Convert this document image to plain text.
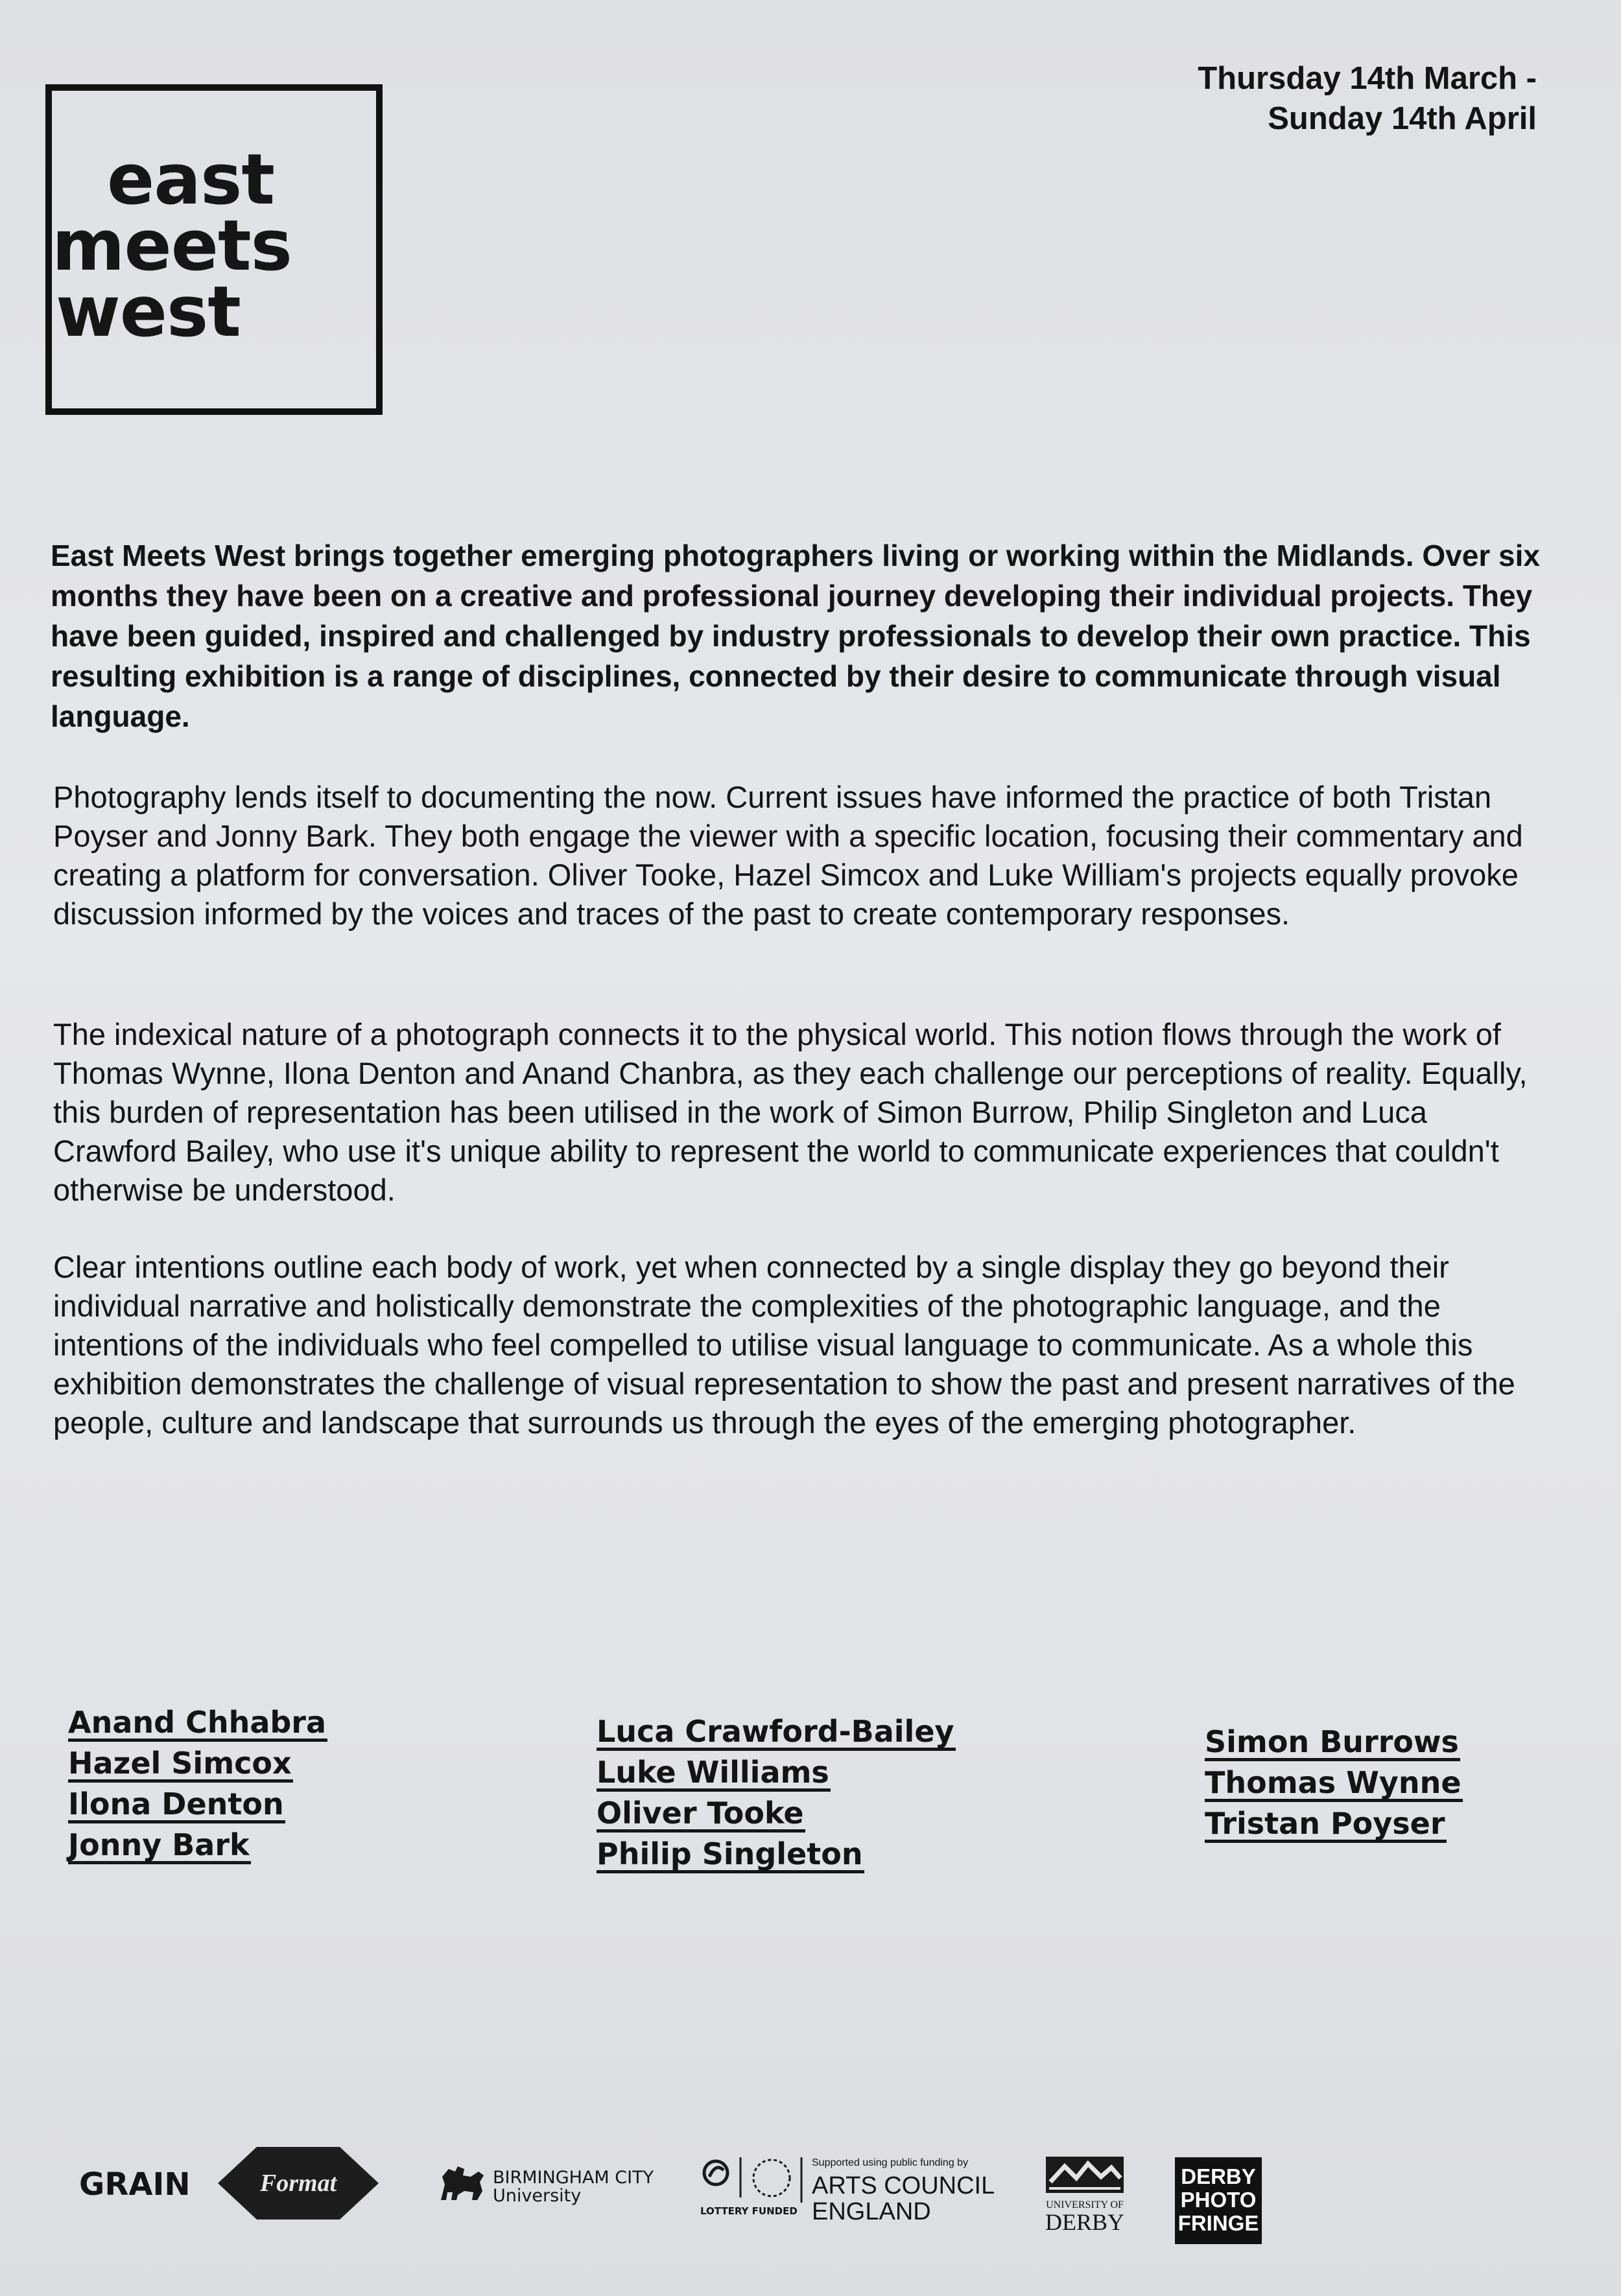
east
meets
west
Thursday 14th March -
Sunday 14th April

East Meets West brings together emerging photographers living or working within the Midlands. Over six months they have been on a creative and professional journey developing their individual projects. They have been guided, inspired and challenged by industry professionals to develop their own practice. This resulting exhibition is a range of disciplines, connected by their desire to communicate through visual language.

Photography lends itself to documenting the now. Current issues have informed the practice of both Tristan Poyser and Jonny Bark. They both engage the viewer with a specific location, focusing their commentary and creating a platform for conversation. Oliver Tooke, Hazel Simcox and Luke William's projects equally provoke discussion informed by the voices and traces of the past to create contemporary responses.

The indexical nature of a photograph connects it to the physical world. This notion flows through the work of Thomas Wynne, Ilona Denton and Anand Chanbra, as they each challenge our perceptions of reality. Equally, this burden of representation has been utilised in the work of Simon Burrow, Philip Singleton and Luca Crawford Bailey, who use it's unique ability to represent the world to communicate experiences that couldn't otherwise be understood.

Clear intentions outline each body of work, yet when connected by a single display they go beyond their individual narrative and holistically demonstrate the complexities of the photographic language, and the intentions of the individuals who feel compelled to utilise visual language to communicate. As a whole this exhibition demonstrates the challenge of visual representation to show the past and present narratives of the people, culture and landscape that surrounds us through the eyes of the emerging photographer.

Anand Chhabra
Hazel Simcox
Ilona Denton
Jonny Bark
Luca Crawford-Bailey
Luke Williams
Oliver Tooke
Philip Singleton
Simon Burrows
Thomas Wynne
Tristan Poyser
GRAIN	Format	BIRMINGHAM CITY
University
LOTTERY FUNDED
Supported using public funding by
ARTS COUNCIL
ENGLAND	UNIVERSITY OF
DERBY
DERBY
PHOTO
FRINGE
